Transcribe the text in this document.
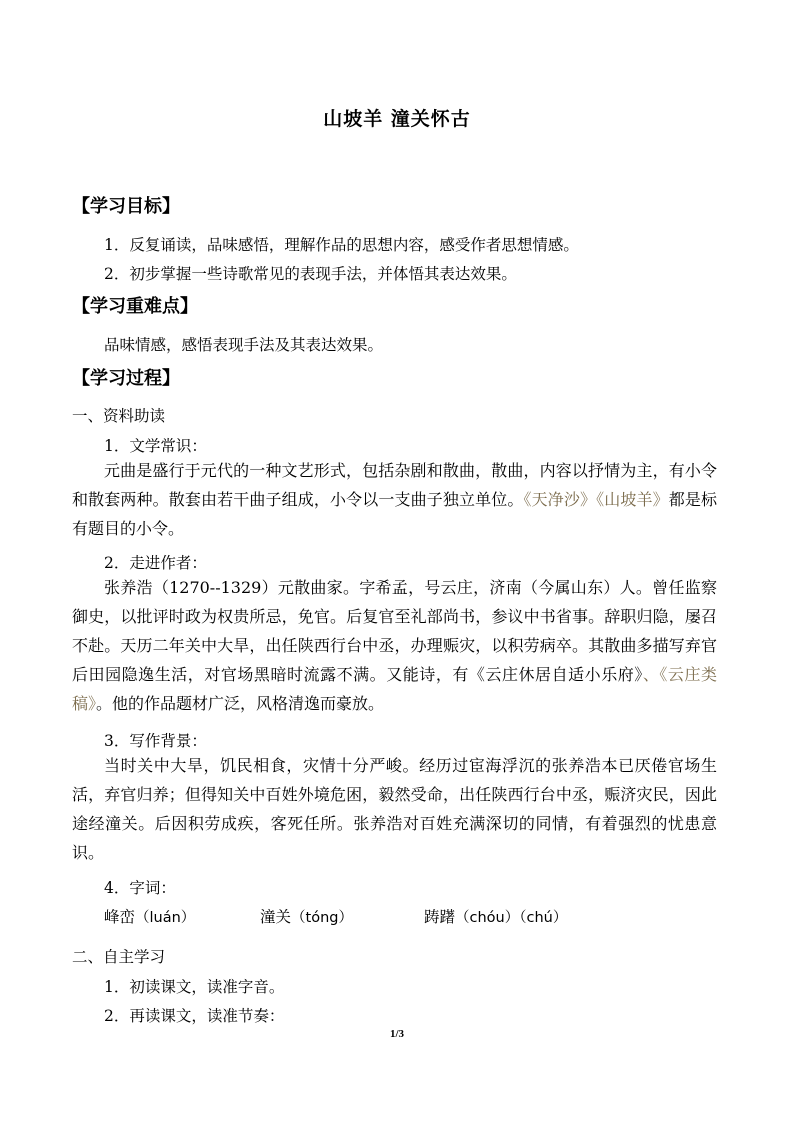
山坡羊 潼关怀古
【学习目标】
1．反复诵读，品味感悟，理解作品的思想内容，感受作者思想情感。
2．初步掌握一些诗歌常见的表现手法，并体悟其表达效果。
【学习重难点】
品味情感，感悟表现手法及其表达效果。
【学习过程】
一、资料助读
1．文学常识：
元曲是盛行于元代的一种文艺形式，包括杂剧和散曲，散曲，内容以抒情为主，有小令和散套两种。散套由若干曲子组成，小令以一支曲子独立单位。《天净沙》《山坡羊》都是标有题目的小令。
2．走进作者：
张养浩（1270--1329）元散曲家。字希孟，号云庄，济南（今属山东）人。曾任监察御史，以批评时政为权贵所忌，免官。后复官至礼部尚书，参议中书省事。辞职归隐，屡召不赴。天历二年关中大旱，出任陕西行台中丞，办理赈灾，以积劳病卒。其散曲多描写弃官后田园隐逸生活，对官场黑暗时流露不满。又能诗，有《云庄休居自适小乐府》、《云庄类稿》。他的作品题材广泛，风格清逸而豪放。
3．写作背景：
当时关中大旱，饥民相食，灾情十分严峻。经历过宦海浮沉的张养浩本已厌倦官场生活，弃官归养；但得知关中百姓外境危困，毅然受命，出任陕西行台中丞，赈济灾民，因此途经潼关。后因积劳成疾，客死任所。张养浩对百姓充满深切的同情，有着强烈的忧患意识。
4．字词：
峰峦（luán）	潼关（tóng）	踌躇（chóu）（chú）
二、自主学习
1．初读课文，读准字音。
2．再读课文，读准节奏：
1/3
